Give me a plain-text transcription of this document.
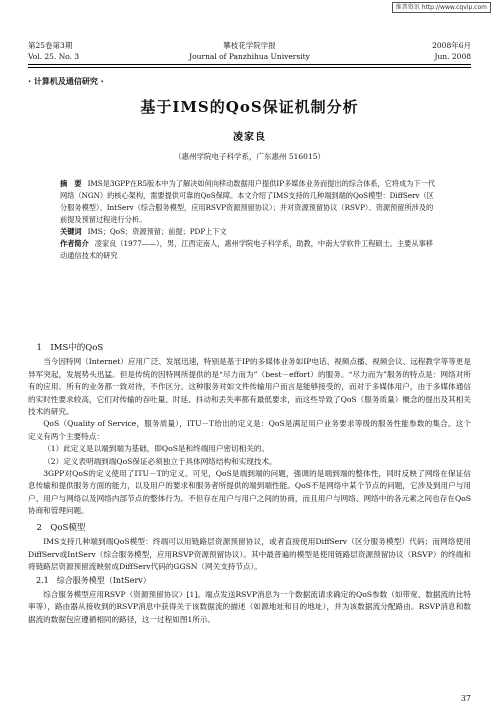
维普资讯 http://www.cqvip.com
第25卷第3期
Vol. 25. No. 3
攀枝花学院学报
Journal of Panzhihua University
2008年6月
Jun. 2008
· 计算机及通信研究 ·
基于IMS的QoS保证机制分析
凌家良
（惠州学院电子科学系，广东惠州 516015）

摘　要 IMS是3GPP在R5版本中为了解决如何向移动数据用户提供IP多媒体业务而提出的综合体系，它将成为下一代网络（NGN）的核心架构，需要提供可靠的QoS保障。本文介绍了IMS支持的几种端到端的QoS模型：DiffServ（区分服务模型）、IntServ（综合服务模型，应用RSVP资源预留协议）；并对资源预留协议（RSVP）、资源预留所涉及的前提及预留过程进行分析。

关键词 IMS；QoS；资源预留；前提；PDP上下文

作者简介 凌家良（1977——），男，江西定南人，惠州学院电子科学系，助教，中南大学软件工程硕士。主要从事移动通信技术的研究

1　IMS中的QoS

当今因特网（Internet）应用广泛、发展迅速，特别是基于IP的多媒体业务如IP电话、视频点播、视频会议、远程教学等等更是异军突起，发展势头迅猛。但是传统的因特网所提供的是“尽力而为”（best－effort）的服务。“尽力而为”服务的特点是：网络对所有的应用、所有的业务都一致对待，不作区分。这种服务对如文件传输用户而言是能够接受的，而对于多媒体用户，由于多媒体通信的实时性要求较高，它们对传输的吞吐量、时延、抖动和丢失率都有最低要求，而这些导致了QoS（服务质量）概念的提出及其相关技术的研究。

QoS（Quality of Service，服务质量），ITU－T给出的定义是：QoS是满足用户业务要求等级的服务性能参数的集合。这个定义有两个主要特点：

（1）此定义是以端到端为基础，即QoS是和终端用户密切相关的。

（2）定义表明端到端QoS保证必须独立于具体网络结构和实现技术。

3GPP对QoS的定义使用了ITU－T的定义。可见，QoS是端到端的问题，强调的是端到端的整体性，同时反映了网络在保证信息传输和提供服务方面的能力，以及用户的要求和服务者所提供的端到端性能。QoS不是网络中某个节点的问题，它涉及到用户与用户、用户与网络以及网络内部节点的整体行为。不但存在用户与用户之间的协商，而且用户与网络、网络中的各元素之间也存在QoS协商和管理问题。

2　QoS模型

IMS支持几种端到端QoS模型：终端可以用链路层资源预留协议，或者直接使用DiffServ（区分服务模型）代码；而网络使用DiffServ或IntServ（综合服务模型，应用RSVP资源预留协议）。其中最普遍的模型是使用链路层资源预留协议（RSVP）的终端和将链路层资源预留流映射成DiffServ代码的GGSN（网关支持节点）。

2.1　综合服务模型（IntServ）

综合服务模型应用RSVP（资源预留协议）[1]。端点发送RSVP消息为一个数据流请求确定的QoS参数（如带宽、数据流的比特率等），路由器从接收到的RSVP消息中获得关于该数据流的描述（如源地址和目的地址），并为该数据流分配路由。RSVP消息和数据流的数据包应遵循相同的路径，这一过程如图1所示。

37
